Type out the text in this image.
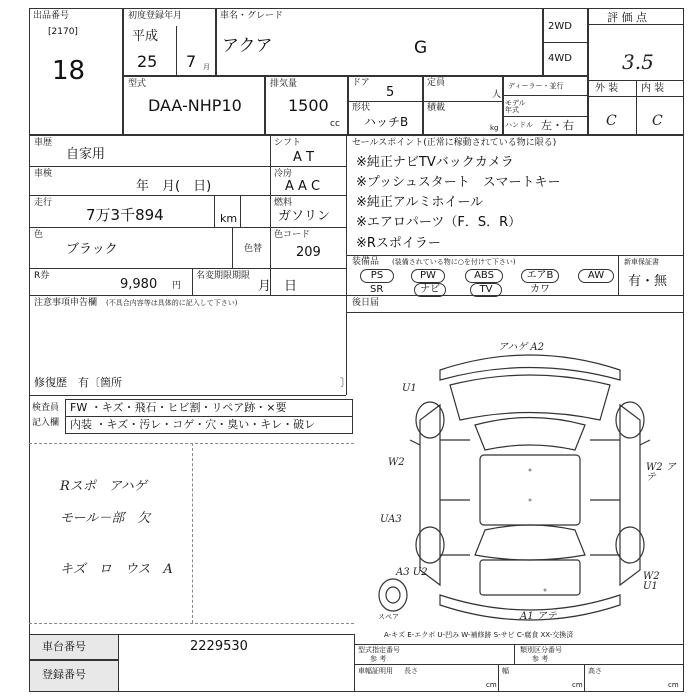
出品番号
[2170]
18
初度登録年月
平成
25 7 月
車名・グレード
アクア	G
2WD
4WD
評 価 点
3.5
外 装 内 装
C	C
型式
DAA-NHP10
排気量
1500
cc
ドア
5
形状
ハッチB
定員
人
積載
kg
ディーラー・並行
モデル年式
ハンドル 左・右
車歴
自家用
車検
年　月(　日)
走行
7万3千894	km
色
ブラック	色替
シフト
A T
冷房
A A C
燃料
ガソリン
色コード
209
R券
9,980 円
名変期限期限
月　日
セールスポイント(正常に稼動されている物に限る)
※純正ナビTVバックカメラ
※プッシュスタート　スマートキー
※純正アルミホイール
※エアロパーツ（F．S．R）
※Rスポイラー
装備品 (装備されている物に○を付けて下さい)	新車保証書
有・無
PS	PW	ABS	エアB	AW
SR	ナビ	TV	カワ
注意事項申告欄 (不具合内容等は具体的に記入して下さい)
修復歴　有〔箇所	〕
後日届
検査員
記入欄
FW ・キズ・飛石・ヒビ割・リペア跡・×要
内装 ・キズ・汚レ・コゲ・穴・臭い・キレ・破レ
Rスポ　アハゲ
モール－部　欠
キズ　ロ　ウス　A
アハゲ A2
U1
W2
UA3
A3 U2
W2 アテ
W2 U1
A1 アテ
スペア
A-キズ E-エクボ U-凹み W-補修跡 S-サビ C-腐食 XX-交換済
車台番号	2229530
登録番号
型式指定番号	類別区分番号
参 考	参 考
車幅証明用 長さ
cm
幅
cm
高さ
cm
